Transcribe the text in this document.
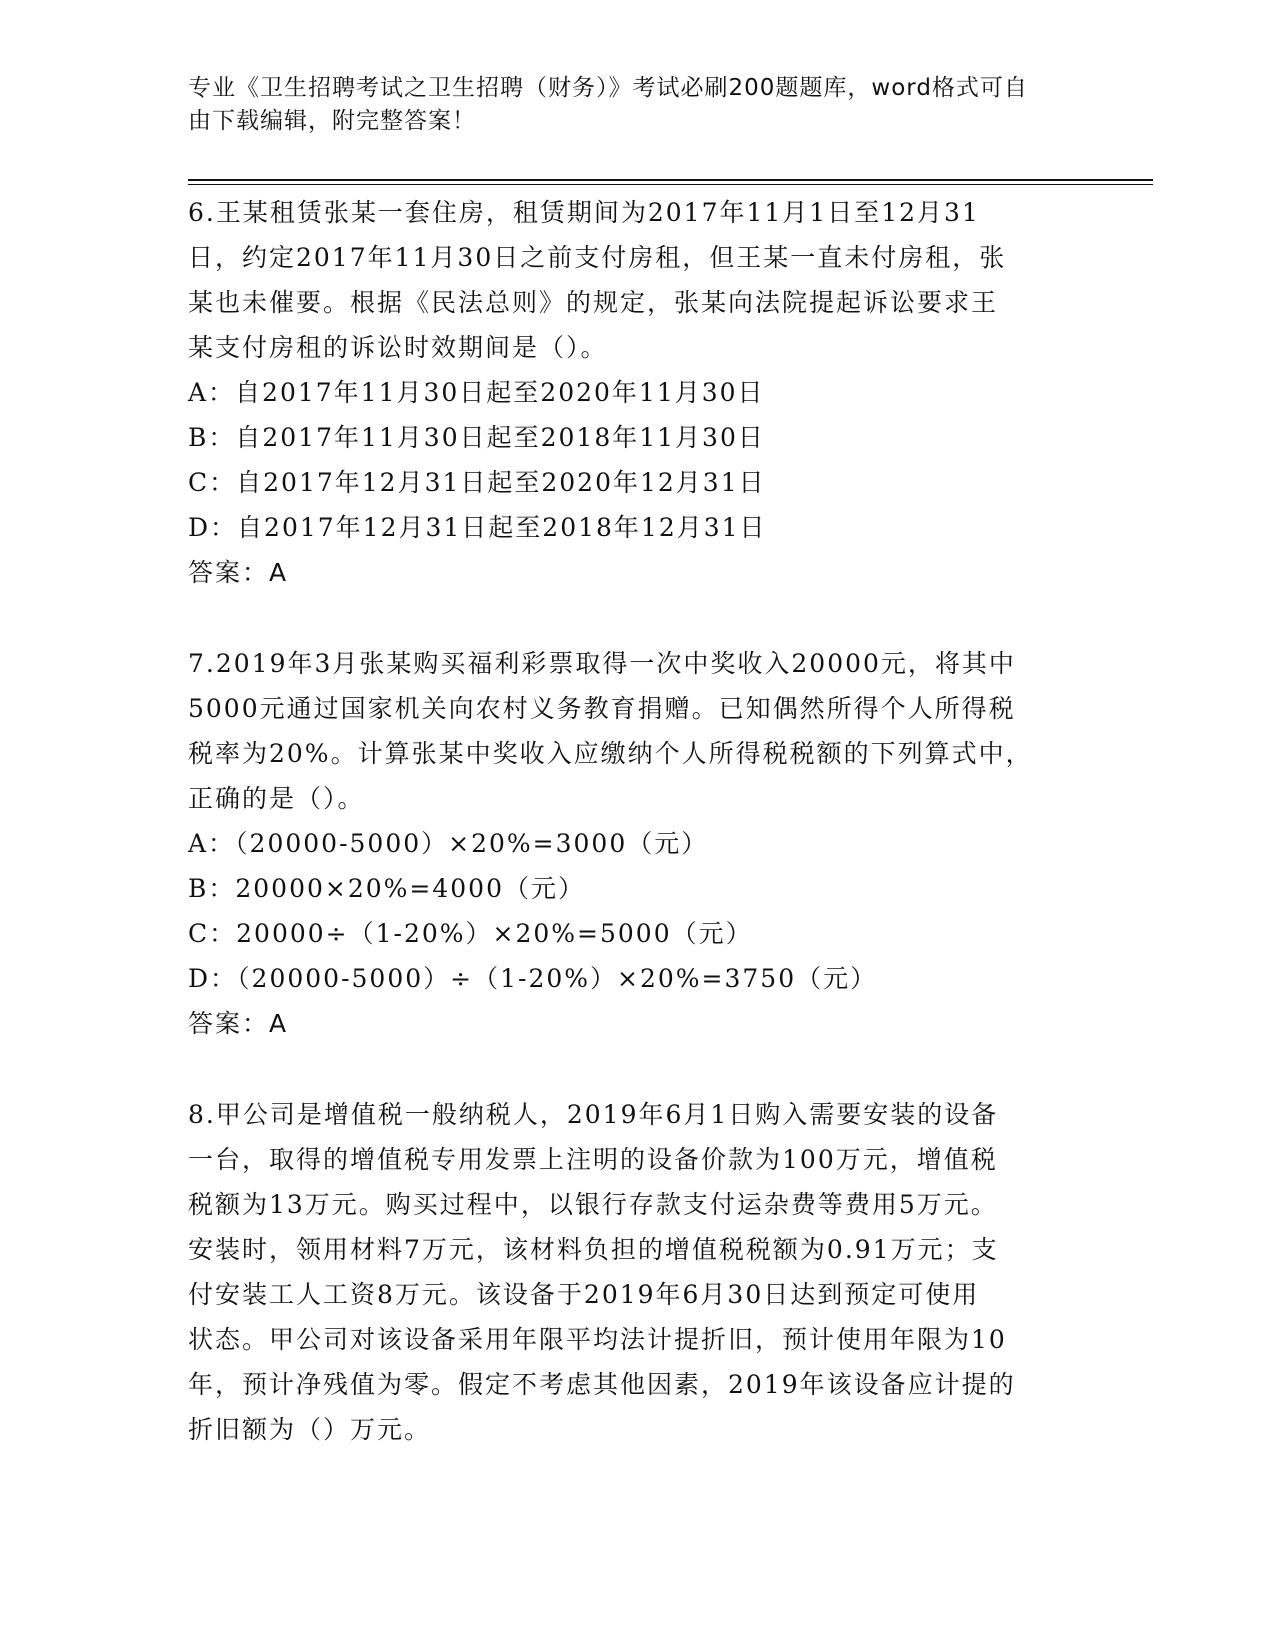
专业《卫生招聘考试之卫生招聘（财务）》考试必刷200题题库，word格式可自
由下载编辑，附完整答案！
6.王某租赁张某一套住房，租赁期间为2017年11月1日至12月31
日，约定2017年11月30日之前支付房租，但王某一直未付房租，张
某也未催要。根据《民法总则》的规定，张某向法院提起诉讼要求王
某支付房租的诉讼时效期间是（）。
A：自2017年11月30日起至2020年11月30日
B：自2017年11月30日起至2018年11月30日
C：自2017年12月31日起至2020年12月31日
D：自2017年12月31日起至2018年12月31日
答案：A
7.2019年3月张某购买福利彩票取得一次中奖收入20000元，将其中
5000元通过国家机关向农村义务教育捐赠。已知偶然所得个人所得税
税率为20%。计算张某中奖收入应缴纳个人所得税税额的下列算式中，
正确的是（）。
A：（20000-5000）×20%=3000（元）
B：20000×20%=4000（元）
C：20000÷（1-20%）×20%=5000（元）
D：（20000-5000）÷（1-20%）×20%=3750（元）
答案：A
8.甲公司是增值税一般纳税人，2019年6月1日购入需要安装的设备
一台，取得的增值税专用发票上注明的设备价款为100万元，增值税
税额为13万元。购买过程中，以银行存款支付运杂费等费用5万元。
安装时，领用材料7万元，该材料负担的增值税税额为0.91万元；支
付安装工人工资8万元。该设备于2019年6月30日达到预定可使用
状态。甲公司对该设备采用年限平均法计提折旧，预计使用年限为10
年，预计净残值为零。假定不考虑其他因素，2019年该设备应计提的
折旧额为（）万元。
